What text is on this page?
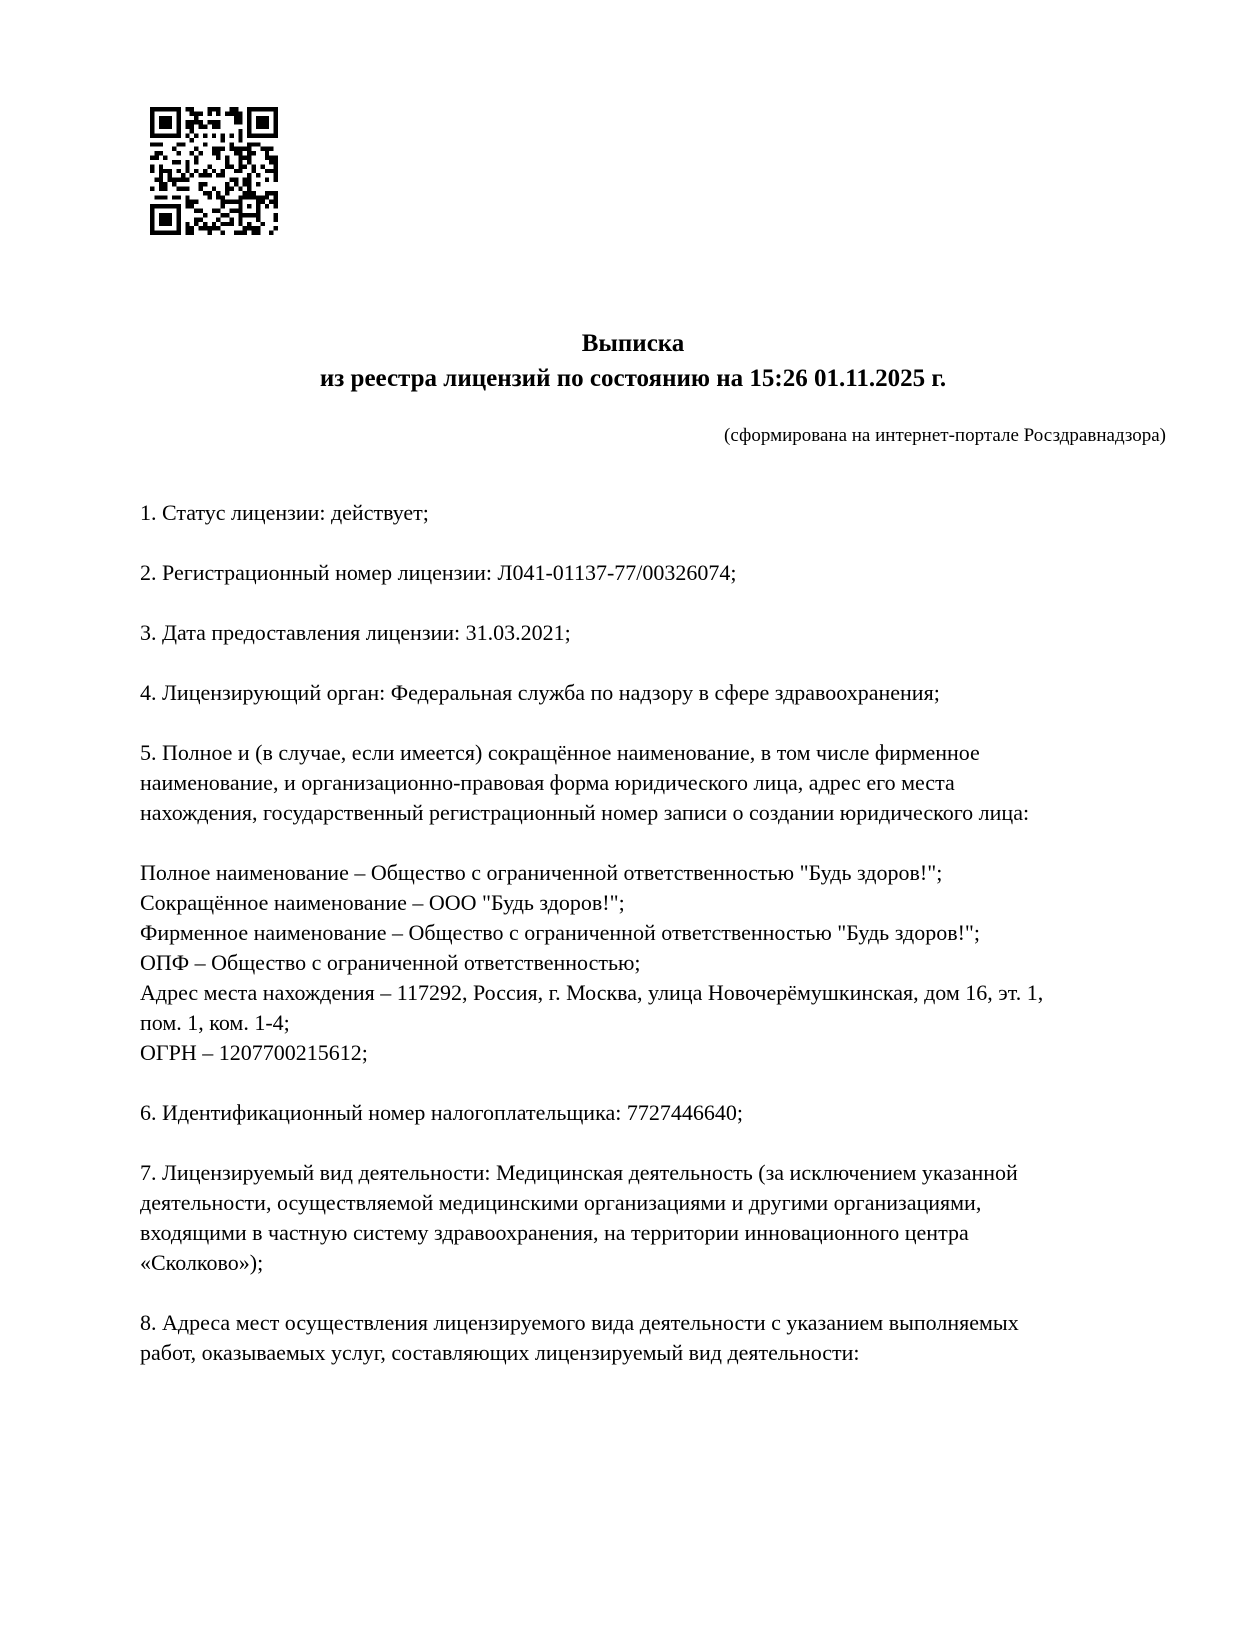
Выписка
из реестра лицензий по состоянию на 15:26 01.11.2025 г.
(сформирована на интернет-портале Росздравнадзора)
1. Статус лицензии: действует;
2. Регистрационный номер лицензии: Л041-01137-77/00326074;
3. Дата предоставления лицензии: 31.03.2021;
4. Лицензирующий орган: Федеральная служба по надзору в сфере здравоохранения;
5. Полное и (в случае, если имеется) сокращённое наименование, в том числе фирменное
наименование, и организационно-правовая форма юридического лица, адрес его места
нахождения, государственный регистрационный номер записи о создании юридического лица:
Полное наименование – Общество с ограниченной ответственностью "Будь здоров!";
Сокращённое наименование – ООО "Будь здоров!";
Фирменное наименование – Общество с ограниченной ответственностью "Будь здоров!";
ОПФ – Общество с ограниченной ответственностью;
Адрес места нахождения – 117292, Россия, г. Москва, улица Новочерёмушкинская, дом 16, эт. 1,
пом. 1, ком. 1-4;
ОГРН – 1207700215612;
6. Идентификационный номер налогоплательщика: 7727446640;
7. Лицензируемый вид деятельности: Медицинская деятельность (за исключением указанной
деятельности, осуществляемой медицинскими организациями и другими организациями,
входящими в частную систему здравоохранения, на территории инновационного центра
«Сколково»);
8. Адреса мест осуществления лицензируемого вида деятельности с указанием выполняемых
работ, оказываемых услуг, составляющих лицензируемый вид деятельности:
